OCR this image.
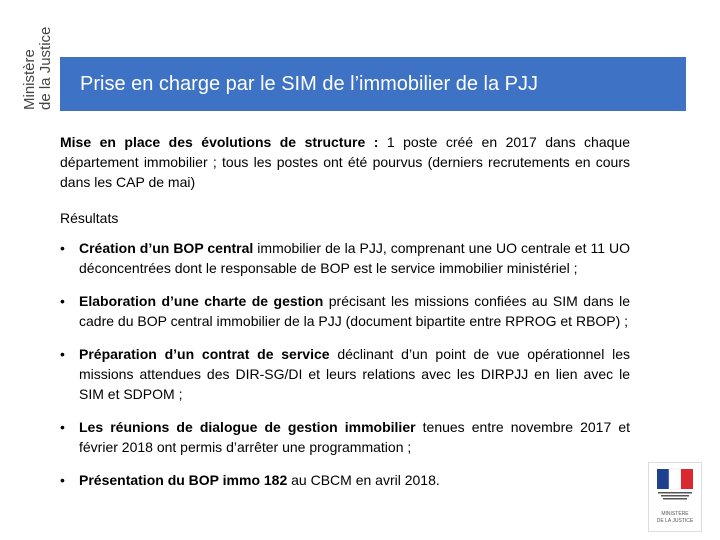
Ministère de la Justice Prise en charge par le SIM de l’immobilier de la PJJ

Mise en place des évolutions de structure : 1 poste créé en 2017 dans chaque département immobilier ; tous les postes ont été pourvus (derniers recrutements en cours dans les CAP de mai)

Résultats
• Création d’un BOP central immobilier de la PJJ, comprenant une UO centrale et 11 UO déconcentrées dont le responsable de BOP est le service immobilier ministériel ;
• Elaboration d’une charte de gestion précisant les missions confiées au SIM dans le cadre du BOP central immobilier de la PJJ (document bipartite entre RPROG et RBOP) ;
• Préparation d’un contrat de service déclinant d’un point de vue opérationnel les missions attendues des DIR-SG/DI et leurs relations avec les DIRPJJ en lien avec le SIM et SDPOM ;
• Les réunions de dialogue de gestion immobilier tenues entre novembre 2017 et février 2018 ont permis d’arrêter une programmation ;
• Présentation du BOP immo 182 au CBCM en avril 2018.
MINISTÈRE
DE LA JUSTICE
